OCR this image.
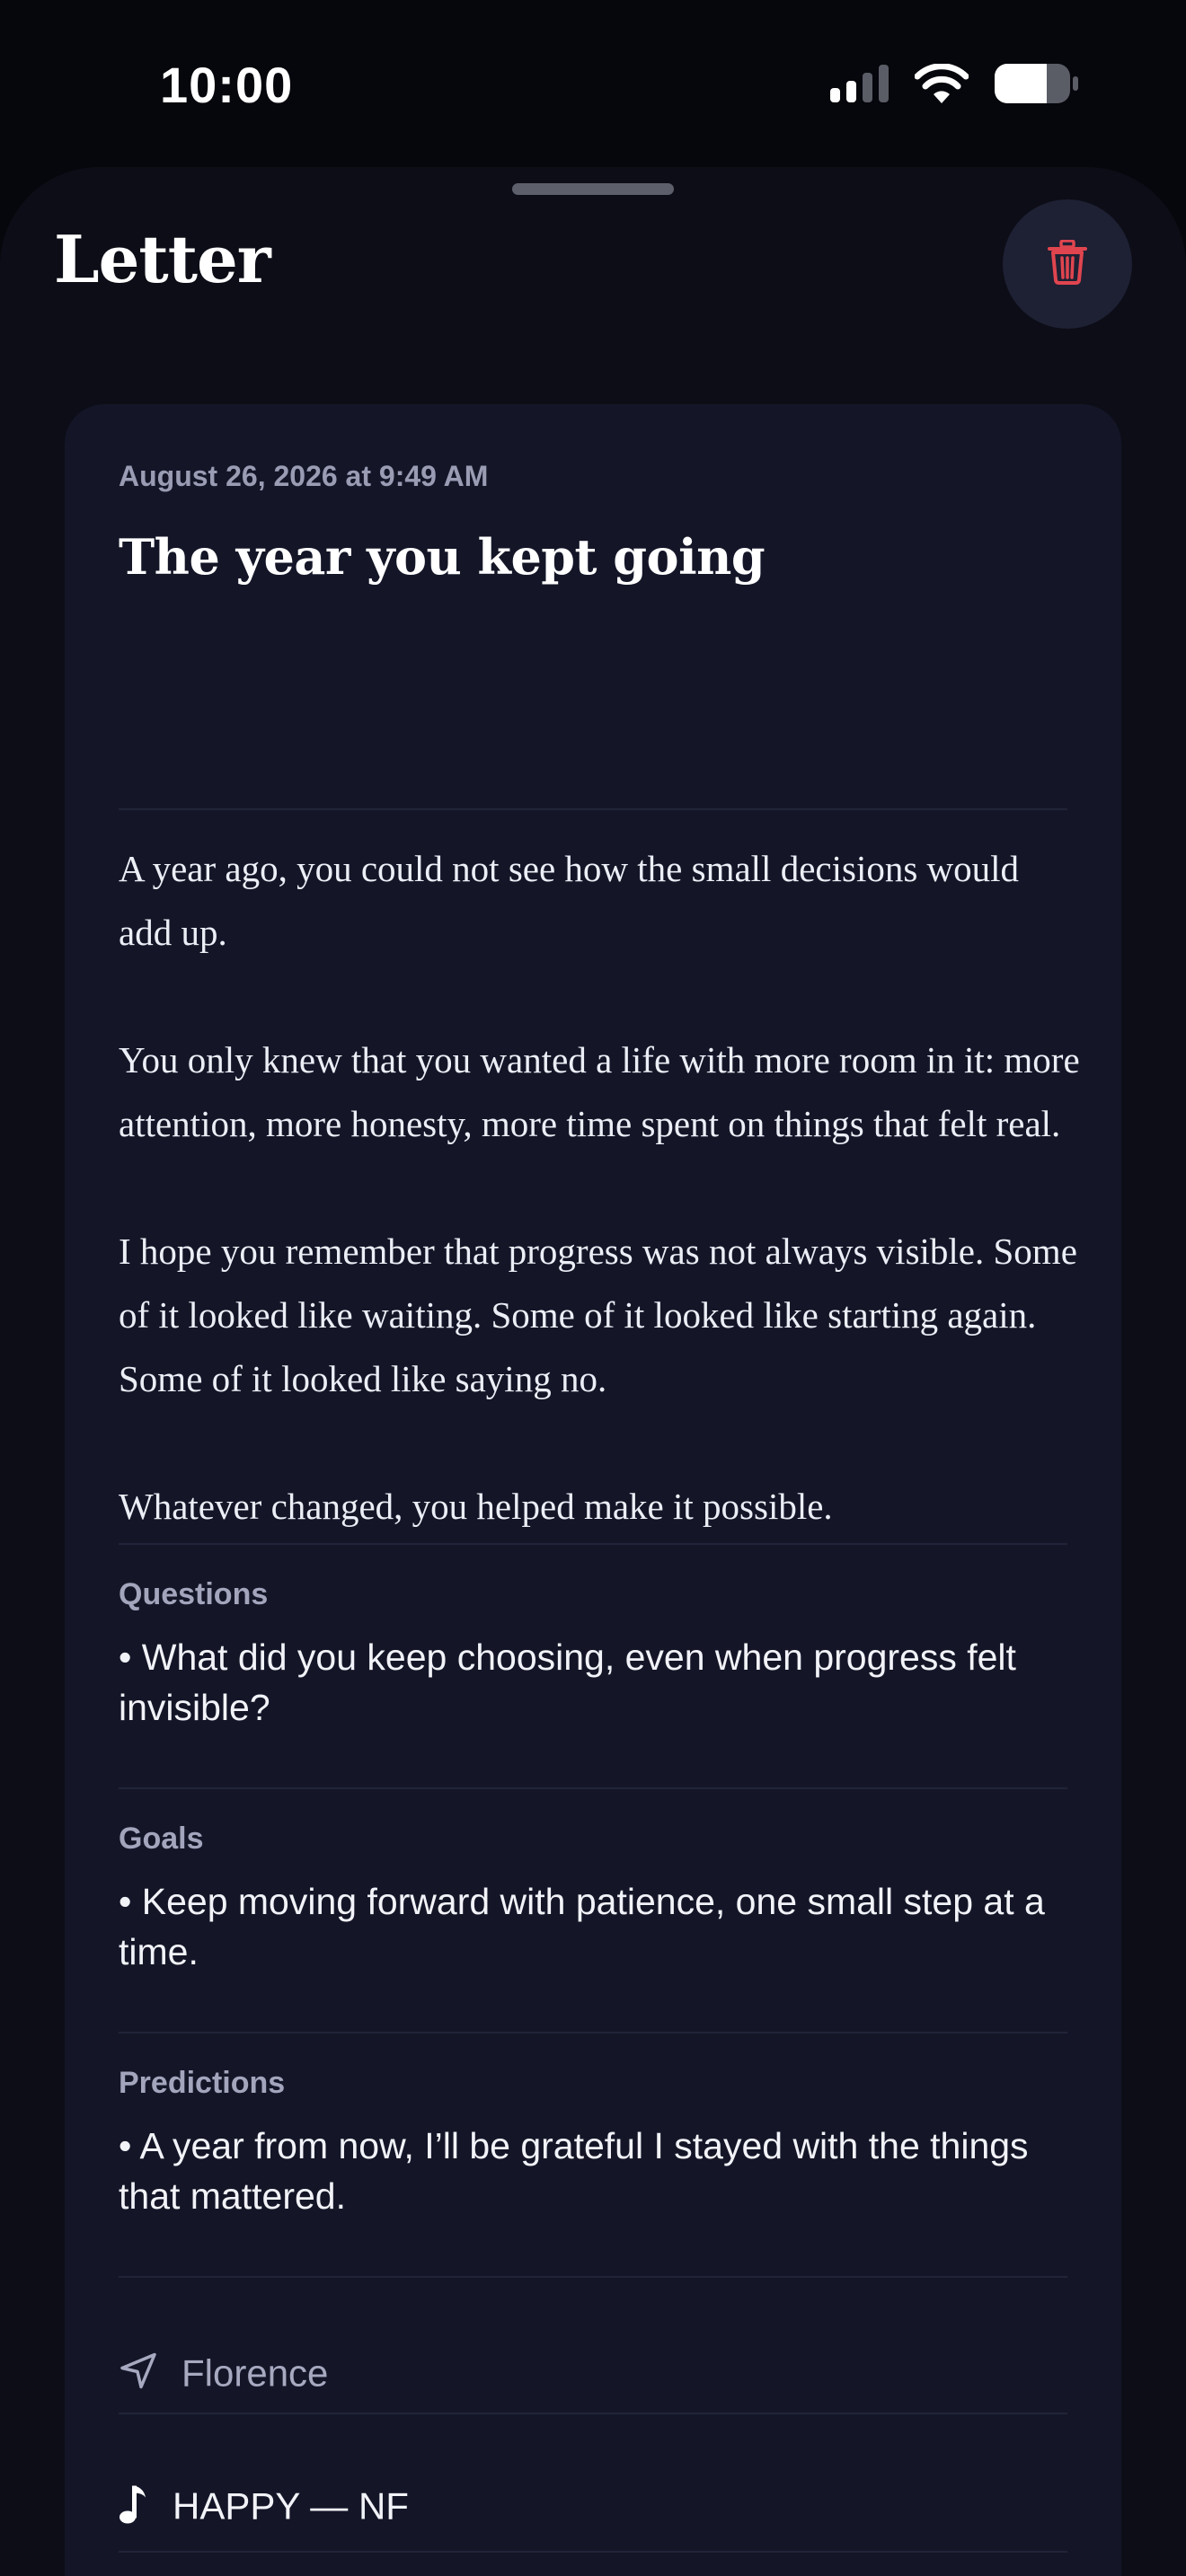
10:00
Letter
August 26, 2026 at 9:49 AM
The year you kept going

A year ago, you could not see how the small decisions would add up.

You only knew that you wanted a life with more room in it: more attention, more honesty, more time spent on things that felt real.

I hope you remember that progress was not always visible. Some of it looked like waiting. Some of it looked like starting again. Some of it looked like saying no.

Whatever changed, you helped make it possible.

Questions
• What did you keep choosing, even when progress felt invisible?
Goals
• Keep moving forward with patience, one small step at a time.
Predictions
• A year from now, I’ll be grateful I stayed with the things that mattered.
Florence
HAPPY — NF
